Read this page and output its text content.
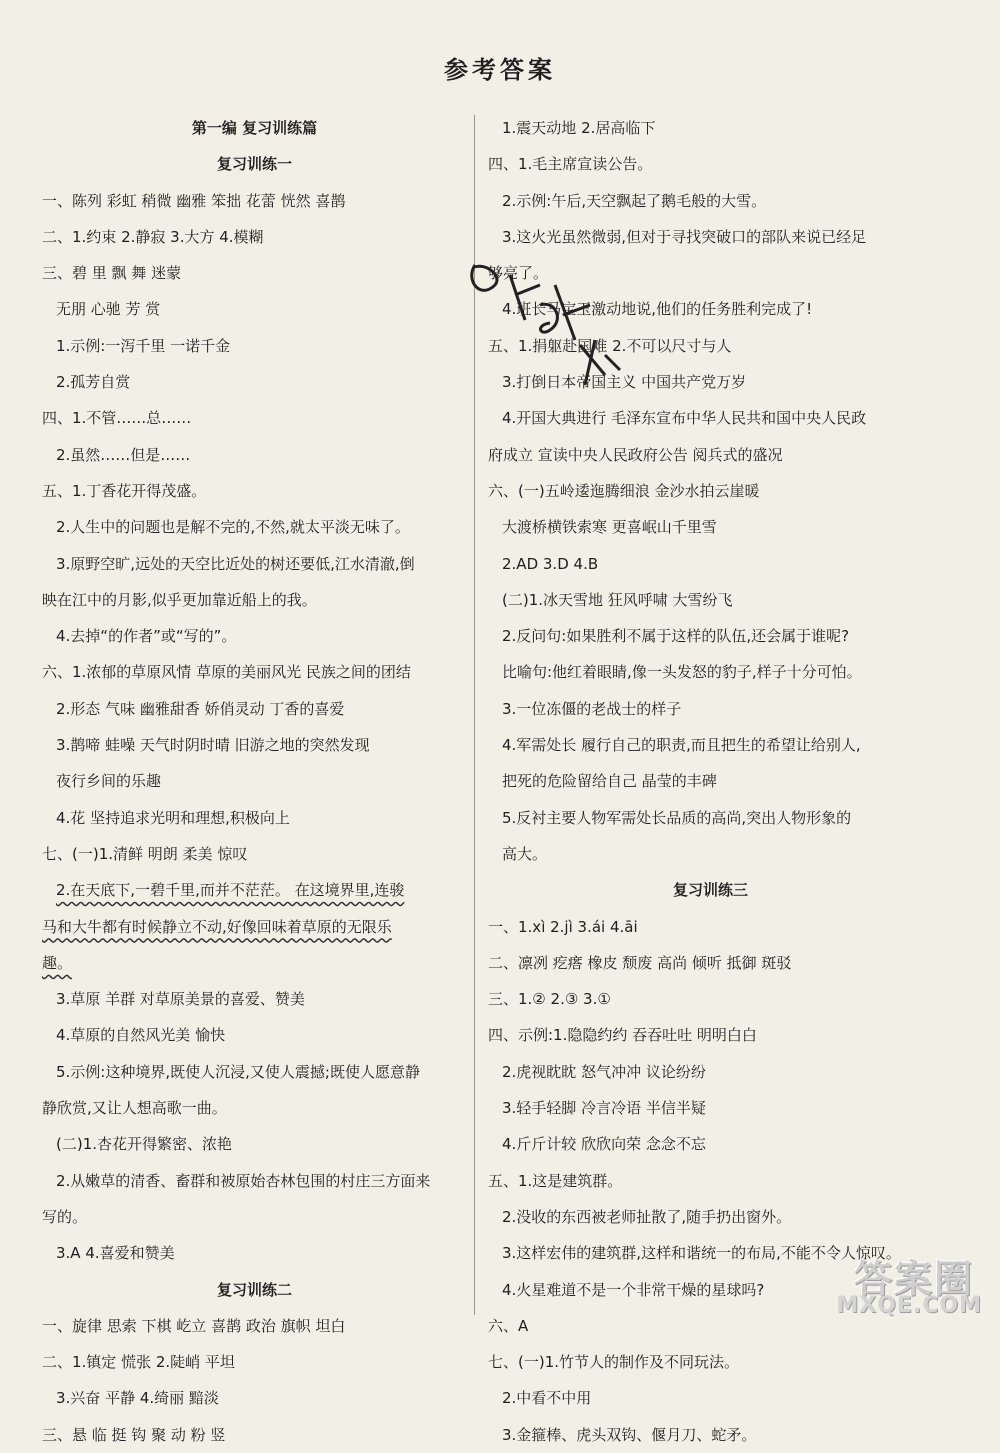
参考答案
第一编 复习训练篇
复习训练一
一、陈列 彩虹 稍微 幽雅 笨拙 花蕾 恍然 喜鹊
二、1.约束 2.静寂 3.大方 4.模糊
三、碧 里 飘 舞 迷蒙
无朋 心驰 芳 赏
1.示例:一泻千里 一诺千金
2.孤芳自赏
四、1.不管……总……
2.虽然……但是……
五、1.丁香花开得茂盛。
2.人生中的问题也是解不完的,不然,就太平淡无味了。
3.原野空旷,远处的天空比近处的树还要低,江水清澈,倒
映在江中的月影,似乎更加靠近船上的我。
4.去掉“的作者”或“写的”。
六、1.浓郁的草原风情 草原的美丽风光 民族之间的团结
2.形态 气味 幽雅甜香 娇俏灵动 丁香的喜爱
3.鹊啼 蛙噪 天气时阴时晴 旧游之地的突然发现
夜行乡间的乐趣
4.花 坚持追求光明和理想,积极向上
七、(一)1.清鲜 明朗 柔美 惊叹
2.在天底下,一碧千里,而并不茫茫。 在这境界里,连骏
马和大牛都有时候静立不动,好像回味着草原的无限乐
趣。
3.草原 羊群 对草原美景的喜爱、赞美
4.草原的自然风光美 愉快
5.示例:这种境界,既使人沉浸,又使人震撼;既使人愿意静
静欣赏,又让人想高歌一曲。
(二)1.杏花开得繁密、浓艳
2.从嫩草的清香、畜群和被原始杏林包围的村庄三方面来
写的。
3.A 4.喜爱和赞美
复习训练二
一、旋律 思索 下棋 屹立 喜鹊 政治 旗帜 坦白
二、1.镇定 慌张 2.陡峭 平坦
3.兴奋 平静 4.绮丽 黯淡
三、悬 临 挺 钩 聚 动 粉 竖
1.震天动地 2.居高临下
四、1.毛主席宣读公告。
2.示例:午后,天空飘起了鹅毛般的大雪。
3.这火光虽然微弱,但对于寻找突破口的部队来说已经足
够亮了。
4.班长马宝玉激动地说,他们的任务胜利完成了!
五、1.捐躯赴国难 2.不可以尺寸与人
3.打倒日本帝国主义 中国共产党万岁
4.开国大典进行 毛泽东宣布中华人民共和国中央人民政
府成立 宣读中央人民政府公告 阅兵式的盛况
六、(一)五岭逶迤腾细浪 金沙水拍云崖暖
大渡桥横铁索寒 更喜岷山千里雪
2.AD 3.D 4.B
(二)1.冰天雪地 狂风呼啸 大雪纷飞
2.反问句:如果胜利不属于这样的队伍,还会属于谁呢?
比喻句:他红着眼睛,像一头发怒的豹子,样子十分可怕。
3.一位冻僵的老战士的样子
4.军需处长 履行自己的职责,而且把生的希望让给别人,
把死的危险留给自己 晶莹的丰碑
5.反衬主要人物军需处长品质的高尚,突出人物形象的
高大。
复习训练三
一、1.xì 2.jì 3.ái 4.āi
二、凛冽 疙瘩 橡皮 颓废 高尚 倾听 抵御 斑驳
三、1.② 2.③ 3.①
四、示例:1.隐隐约约 吞吞吐吐 明明白白
2.虎视眈眈 怒气冲冲 议论纷纷
3.轻手轻脚 冷言冷语 半信半疑
4.斤斤计较 欣欣向荣 念念不忘
五、1.这是建筑群。
2.没收的东西被老师扯散了,随手扔出窗外。
3.这样宏伟的建筑群,这样和谐统一的布局,不能不令人惊叹。
4.火星难道不是一个非常干燥的星球吗?
六、A
七、(一)1.竹节人的制作及不同玩法。
2.中看不中用
3.金箍棒、虎头双钩、偃月刀、蛇矛。
答案圈
MXQE.COM
